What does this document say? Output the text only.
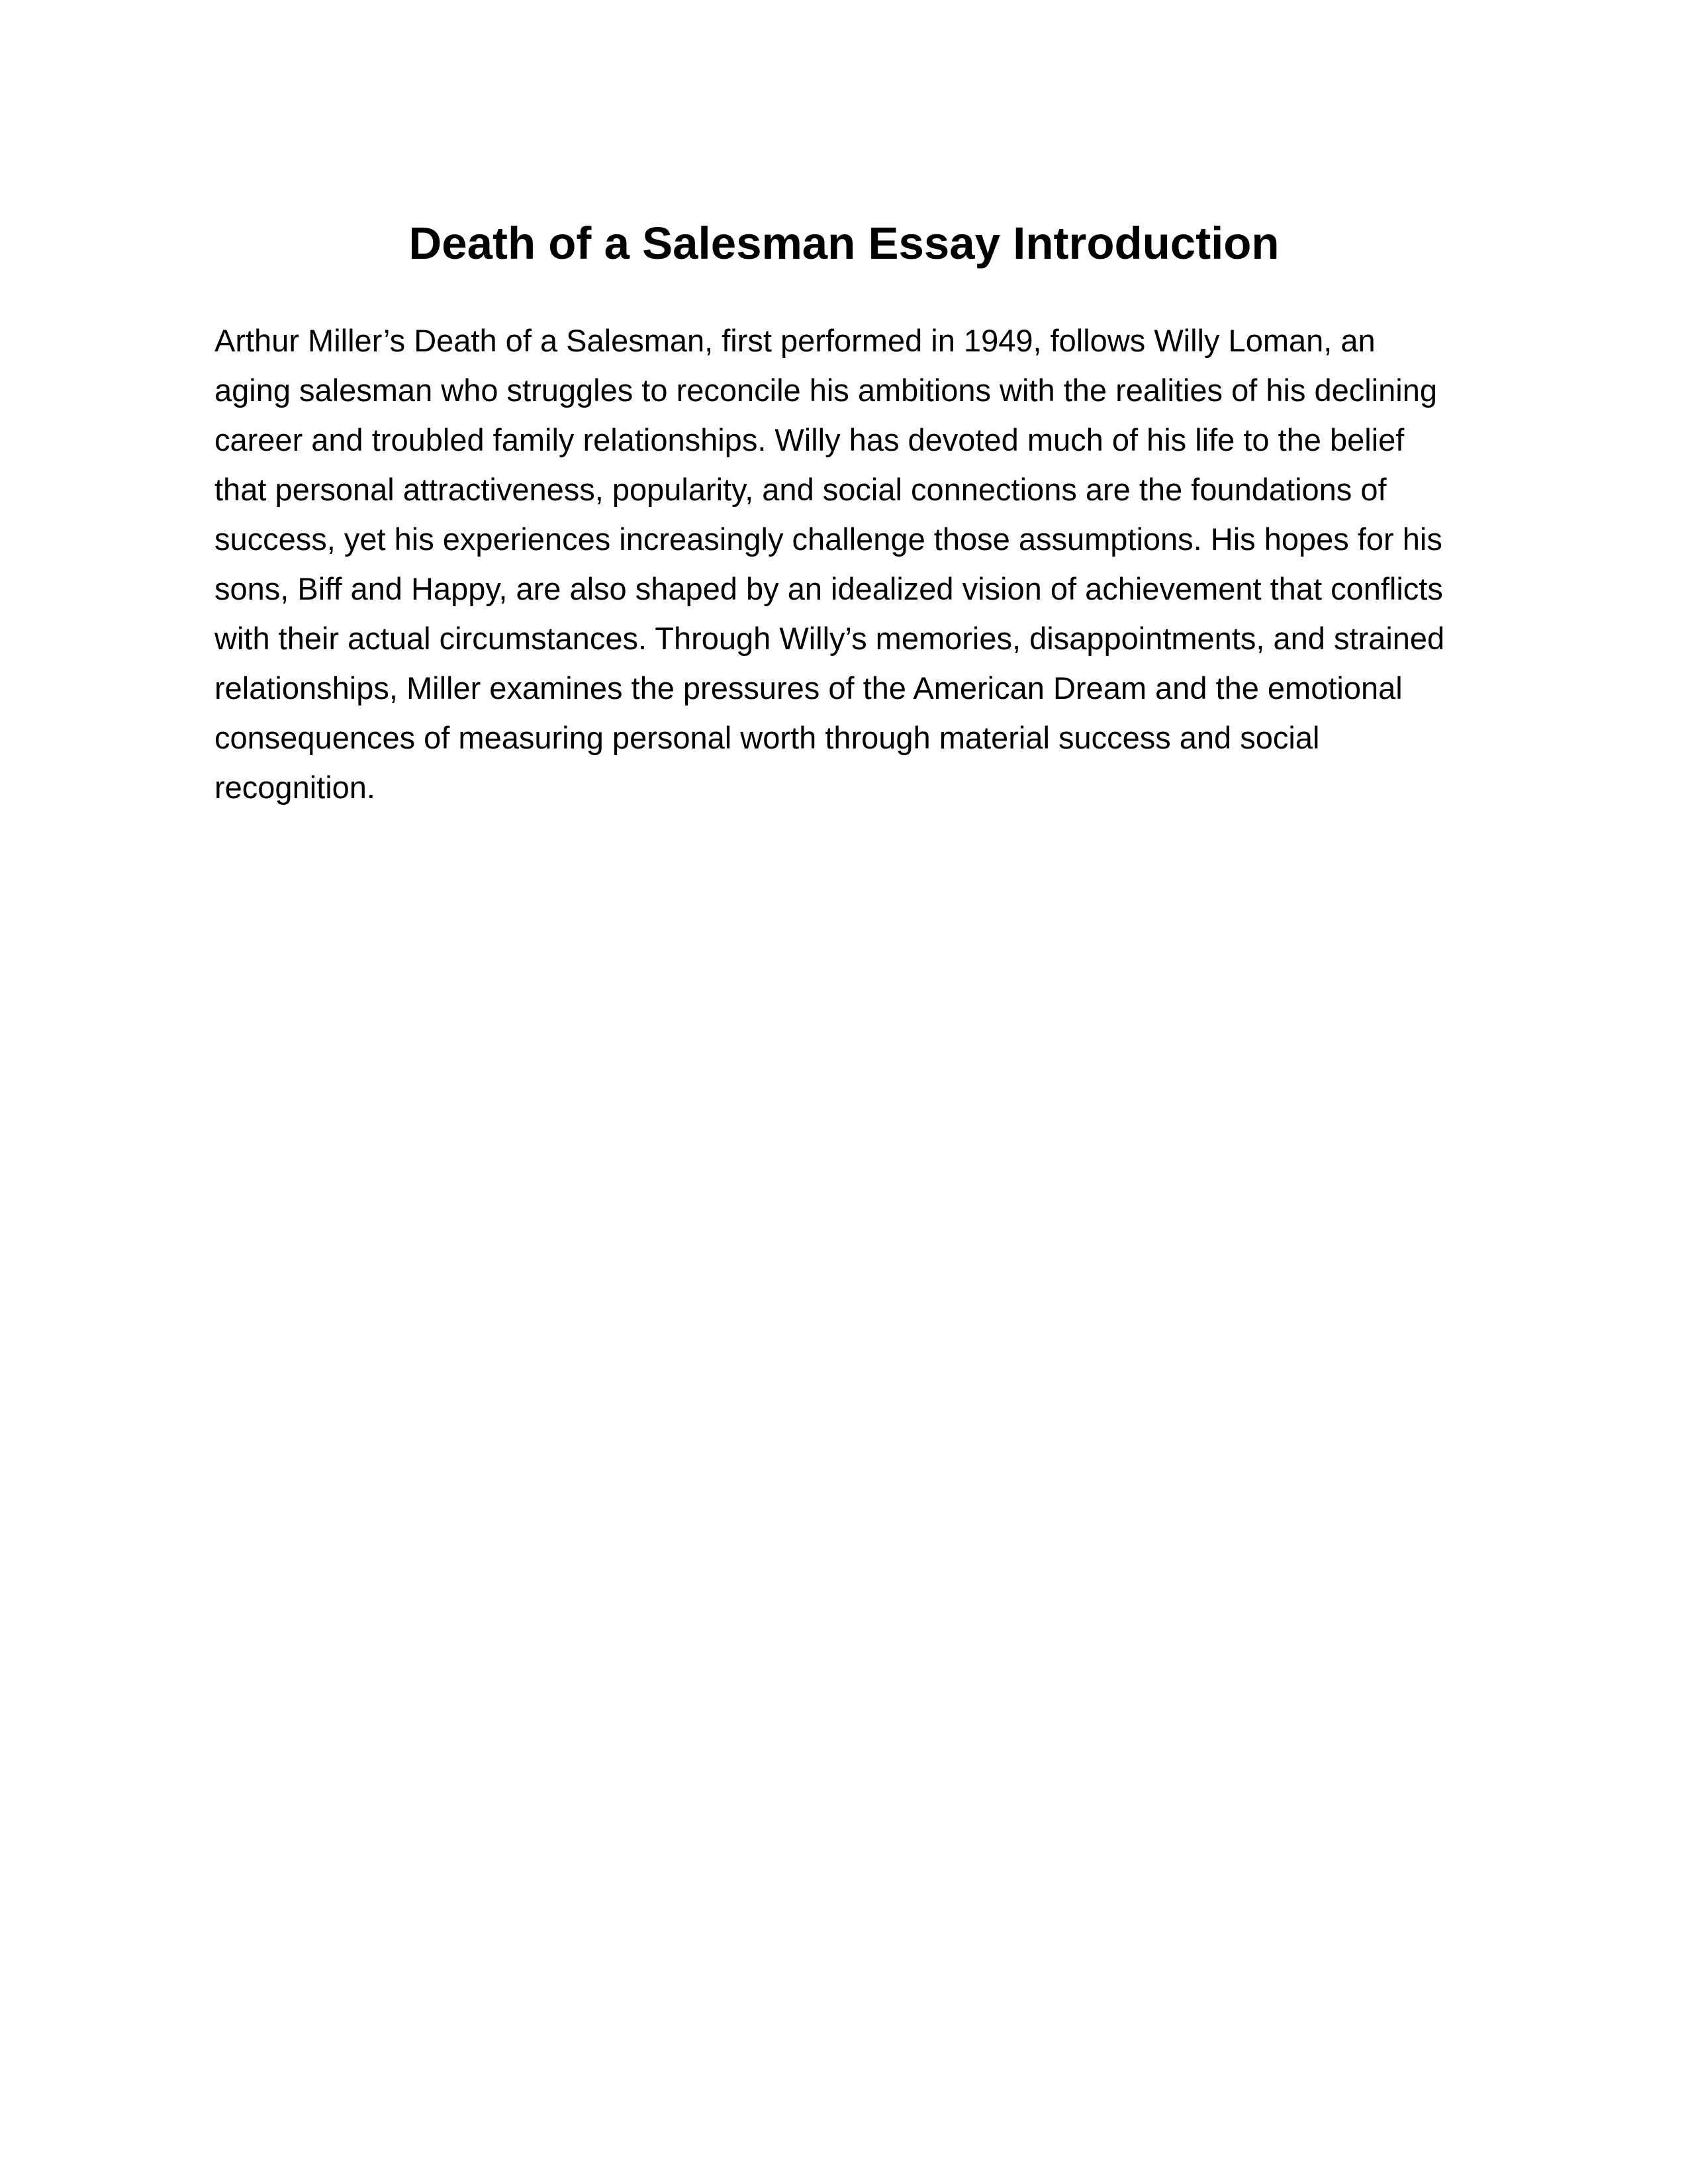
Death of a Salesman Essay Introduction

Arthur Miller’s Death of a Salesman, first performed in 1949, follows Willy Loman, an
aging salesman who struggles to reconcile his ambitions with the realities of his declining
career and troubled family relationships. Willy has devoted much of his life to the belief
that personal attractiveness, popularity, and social connections are the foundations of
success, yet his experiences increasingly challenge those assumptions. His hopes for his
sons, Biff and Happy, are also shaped by an idealized vision of achievement that conflicts
with their actual circumstances. Through Willy’s memories, disappointments, and strained
relationships, Miller examines the pressures of the American Dream and the emotional
consequences of measuring personal worth through material success and social
recognition.
